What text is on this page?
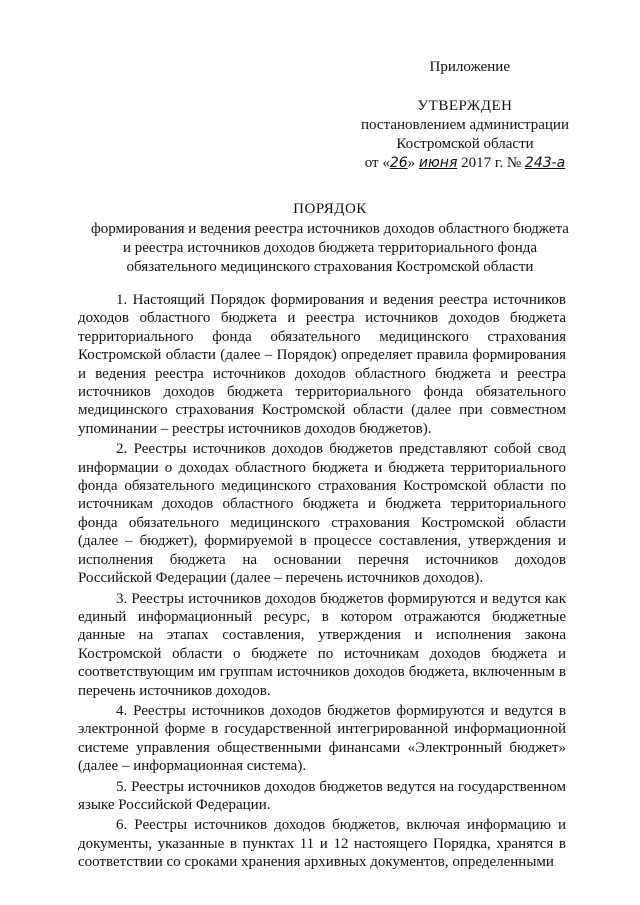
Приложение
УТВЕРЖДЕН
постановлением администрации
Костромской области
от «26» июня 2017 г. № 243-а
ПОРЯДОК
формирования и ведения реестра источников доходов областного бюджета
и реестра источников доходов бюджета территориального фонда
обязательного медицинского страхования Костромской области

1. Настоящий Порядок формирования и ведения реестра источников доходов областного бюджета и реестра источников доходов бюджета территориального фонда обязательного медицинского страхования Костромской области (далее – Порядок) определяет правила формирования и ведения реестра источников доходов областного бюджета и реестра источников доходов бюджета территориального фонда обязательного медицинского страхования Костромской области (далее при совместном упоминании – реестры источников доходов бюджетов).

2. Реестры источников доходов бюджетов представляют собой свод информации о доходах областного бюджета и бюджета территориального фонда обязательного медицинского страхования Костромской области по источникам доходов областного бюджета и бюджета территориального фонда обязательного медицинского страхования Костромской области (далее – бюджет), формируемой в процессе составления, утверждения и исполнения бюджета на основании перечня источников доходов Российской Федерации (далее – перечень источников доходов).

3. Реестры источников доходов бюджетов формируются и ведутся как единый информационный ресурс, в котором отражаются бюджетные данные на этапах составления, утверждения и исполнения закона Костромской области о бюджете по источникам доходов бюджета и соответствующим им группам источников доходов бюджета, включенным в перечень источников доходов.

4. Реестры источников доходов бюджетов формируются и ведутся в электронной форме в государственной интегрированной информационной системе управления общественными финансами «Электронный бюджет» (далее – информационная система).

5. Реестры источников доходов бюджетов ведутся на государственном языке Российской Федерации.

6. Реестры источников доходов бюджетов, включая информацию и документы, указанные в пунктах 11 и 12 настоящего Порядка, хранятся в соответствии со сроками хранения архивных документов, определенными
